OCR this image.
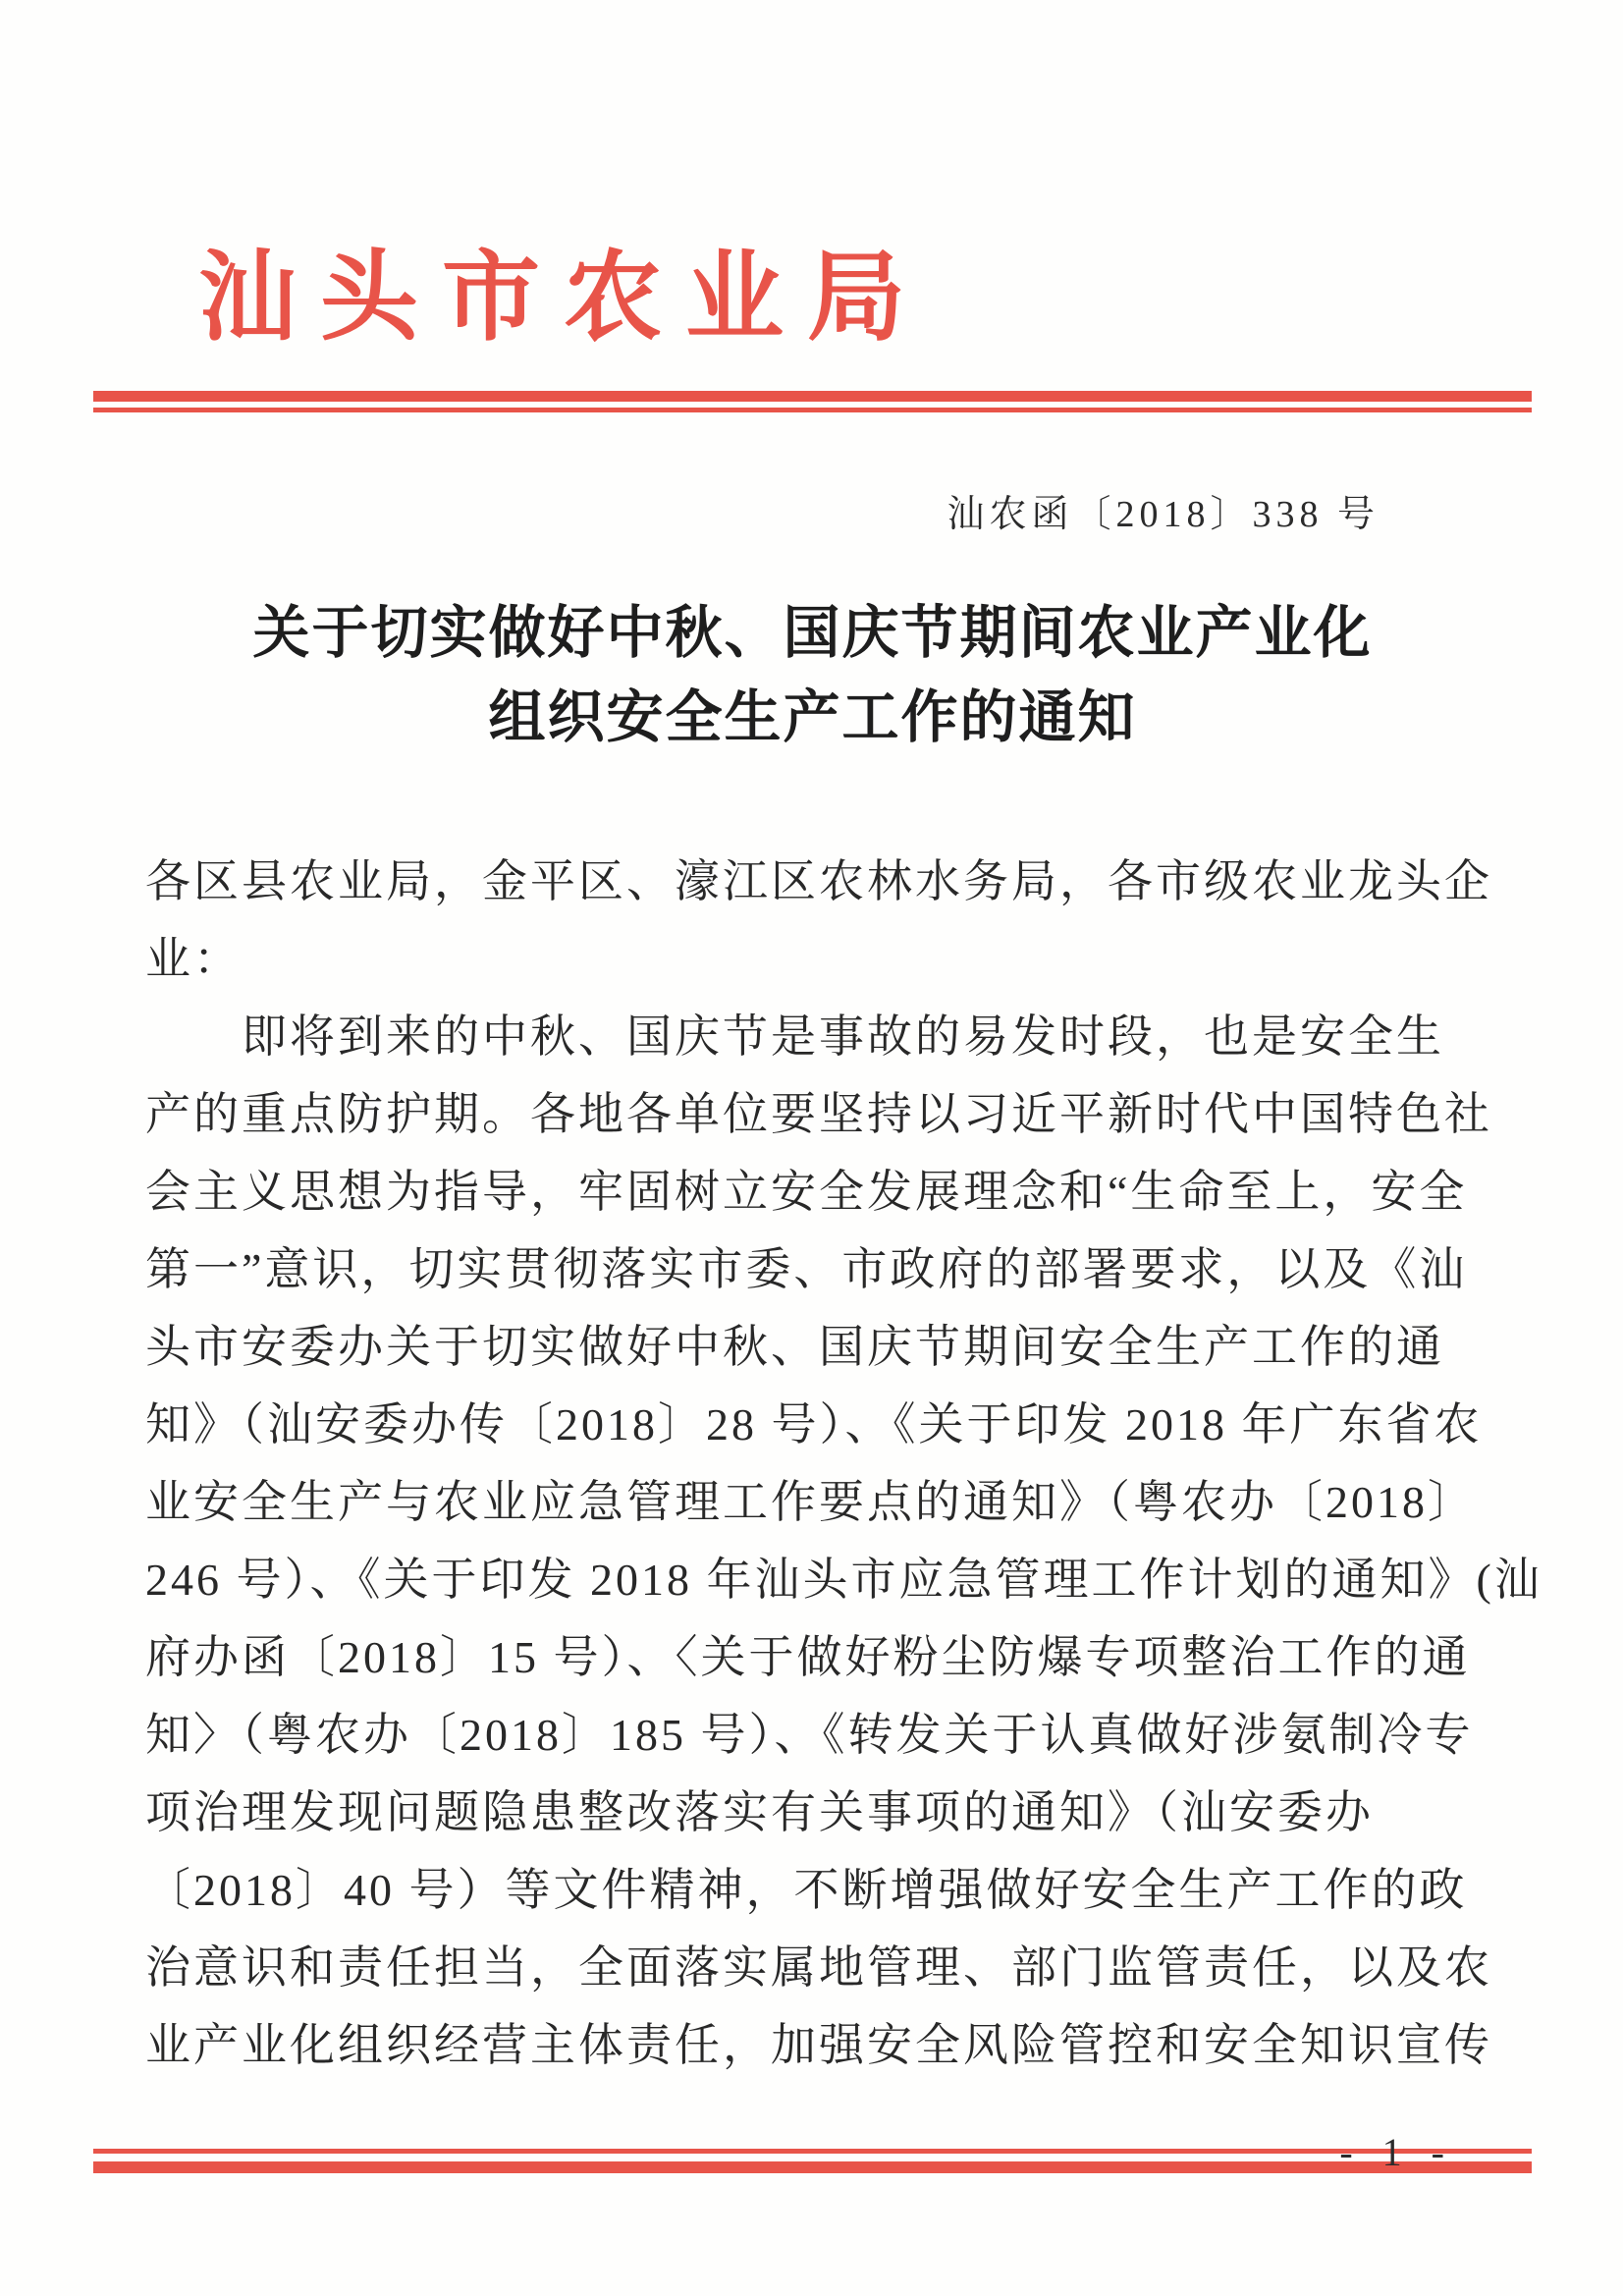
汕头市农业局
汕农函〔2018〕338 号
关于切实做好中秋、国庆节期间农业产业化
组织安全生产工作的通知
各区县农业局，金平区、濠江区农林水务局，各市级农业龙头企
业：
即将到来的中秋、国庆节是事故的易发时段，也是安全生
产的重点防护期。各地各单位要坚持以习近平新时代中国特色社
会主义思想为指导，牢固树立安全发展理念和“生命至上，安全
第一”意识，切实贯彻落实市委、市政府的部署要求，以及《汕
头市安委办关于切实做好中秋、国庆节期间安全生产工作的通
知》（汕安委办传〔2018〕28 号）、《关于印发 2018 年广东省农
业安全生产与农业应急管理工作要点的通知》（粤农办〔2018〕
246 号）、《关于印发 2018 年汕头市应急管理工作计划的通知》(汕
府办函〔2018〕15 号）、〈关于做好粉尘防爆专项整治工作的通
知〉（粤农办〔2018〕185 号）、《转发关于认真做好涉氨制冷专
项治理发现问题隐患整改落实有关事项的通知》（汕安委办
〔2018〕40 号）等文件精神，不断增强做好安全生产工作的政
治意识和责任担当，全面落实属地管理、部门监管责任，以及农
业产业化组织经营主体责任，加强安全风险管控和安全知识宣传
- 1 -
